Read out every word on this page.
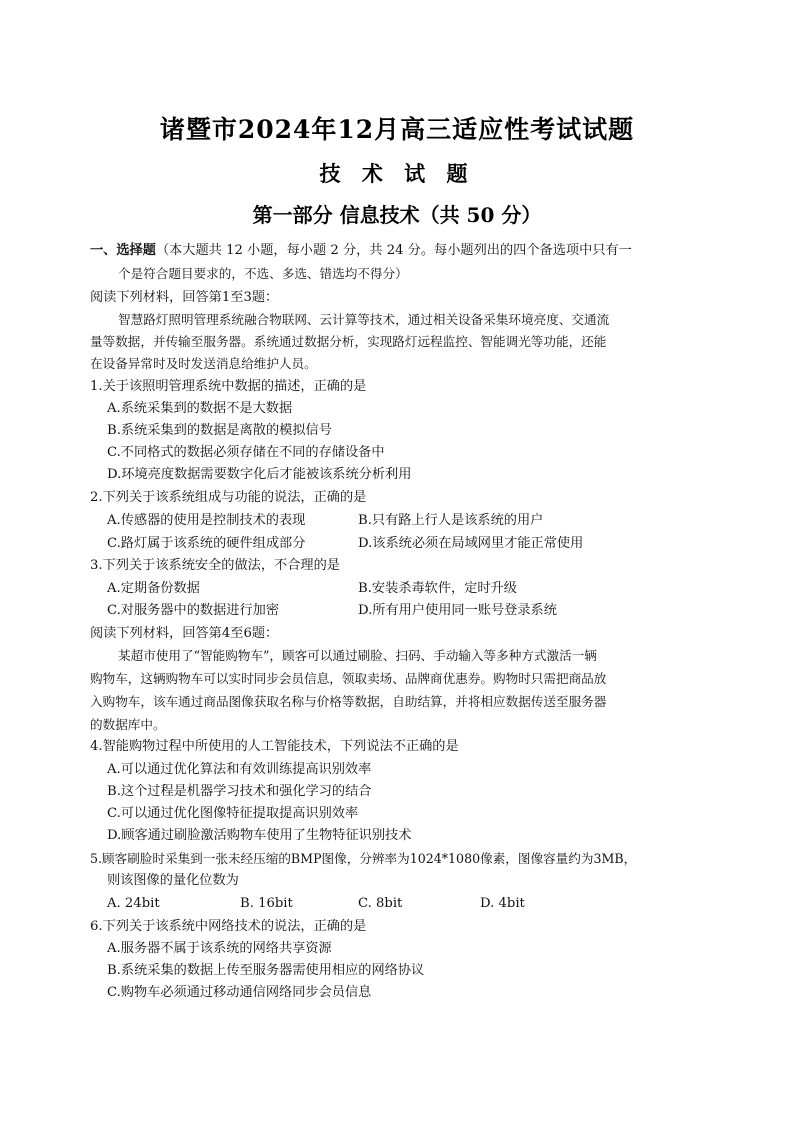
诸暨市2024年12月高三适应性考试试题
技 术 试 题
第一部分 信息技术（共 50 分）
一、选择题（本大题共 12 小题，每小题 2 分，共 24 分。每小题列出的四个备选项中只有一
个是符合题目要求的，不选、多选、错选均不得分）
阅读下列材料，回答第1至3题：
智慧路灯照明管理系统融合物联网、云计算等技术，通过相关设备采集环境亮度、交通流
量等数据，并传输至服务器。系统通过数据分析，实现路灯远程监控、智能调光等功能，还能
在设备异常时及时发送消息给维护人员。
1.关于该照明管理系统中数据的描述，正确的是
A.系统采集到的数据不是大数据
B.系统采集到的数据是离散的模拟信号
C.不同格式的数据必须存储在不同的存储设备中
D.环境亮度数据需要数字化后才能被该系统分析利用
2.下列关于该系统组成与功能的说法，正确的是
A.传感器的使用是控制技术的表现	B.只有路上行人是该系统的用户
C.路灯属于该系统的硬件组成部分	D.该系统必须在局域网里才能正常使用
3.下列关于该系统安全的做法，不合理的是
A.定期备份数据	B.安装杀毒软件，定时升级
C.对服务器中的数据进行加密	D.所有用户使用同一账号登录系统
阅读下列材料，回答第4至6题：
某超市使用了“智能购物车”，顾客可以通过刷脸、扫码、手动输入等多种方式激活一辆
购物车，这辆购物车可以实时同步会员信息，领取卖场、品牌商优惠券。购物时只需把商品放
入购物车，该车通过商品图像获取名称与价格等数据，自助结算，并将相应数据传送至服务器
的数据库中。
4.智能购物过程中所使用的人工智能技术，下列说法不正确的是
A.可以通过优化算法和有效训练提高识别效率
B.这个过程是机器学习技术和强化学习的结合
C.可以通过优化图像特征提取提高识别效率
D.顾客通过刷脸激活购物车使用了生物特征识别技术
5.顾客刷脸时采集到一张未经压缩的BMP图像，分辨率为1024*1080像素，图像容量约为3MB，
则该图像的量化位数为
A. 24bit	B. 16bit	C. 8bit	D. 4bit
6.下列关于该系统中网络技术的说法，正确的是
A.服务器不属于该系统的网络共享资源
B.系统采集的数据上传至服务器需使用相应的网络协议
C.购物车必须通过移动通信网络同步会员信息
